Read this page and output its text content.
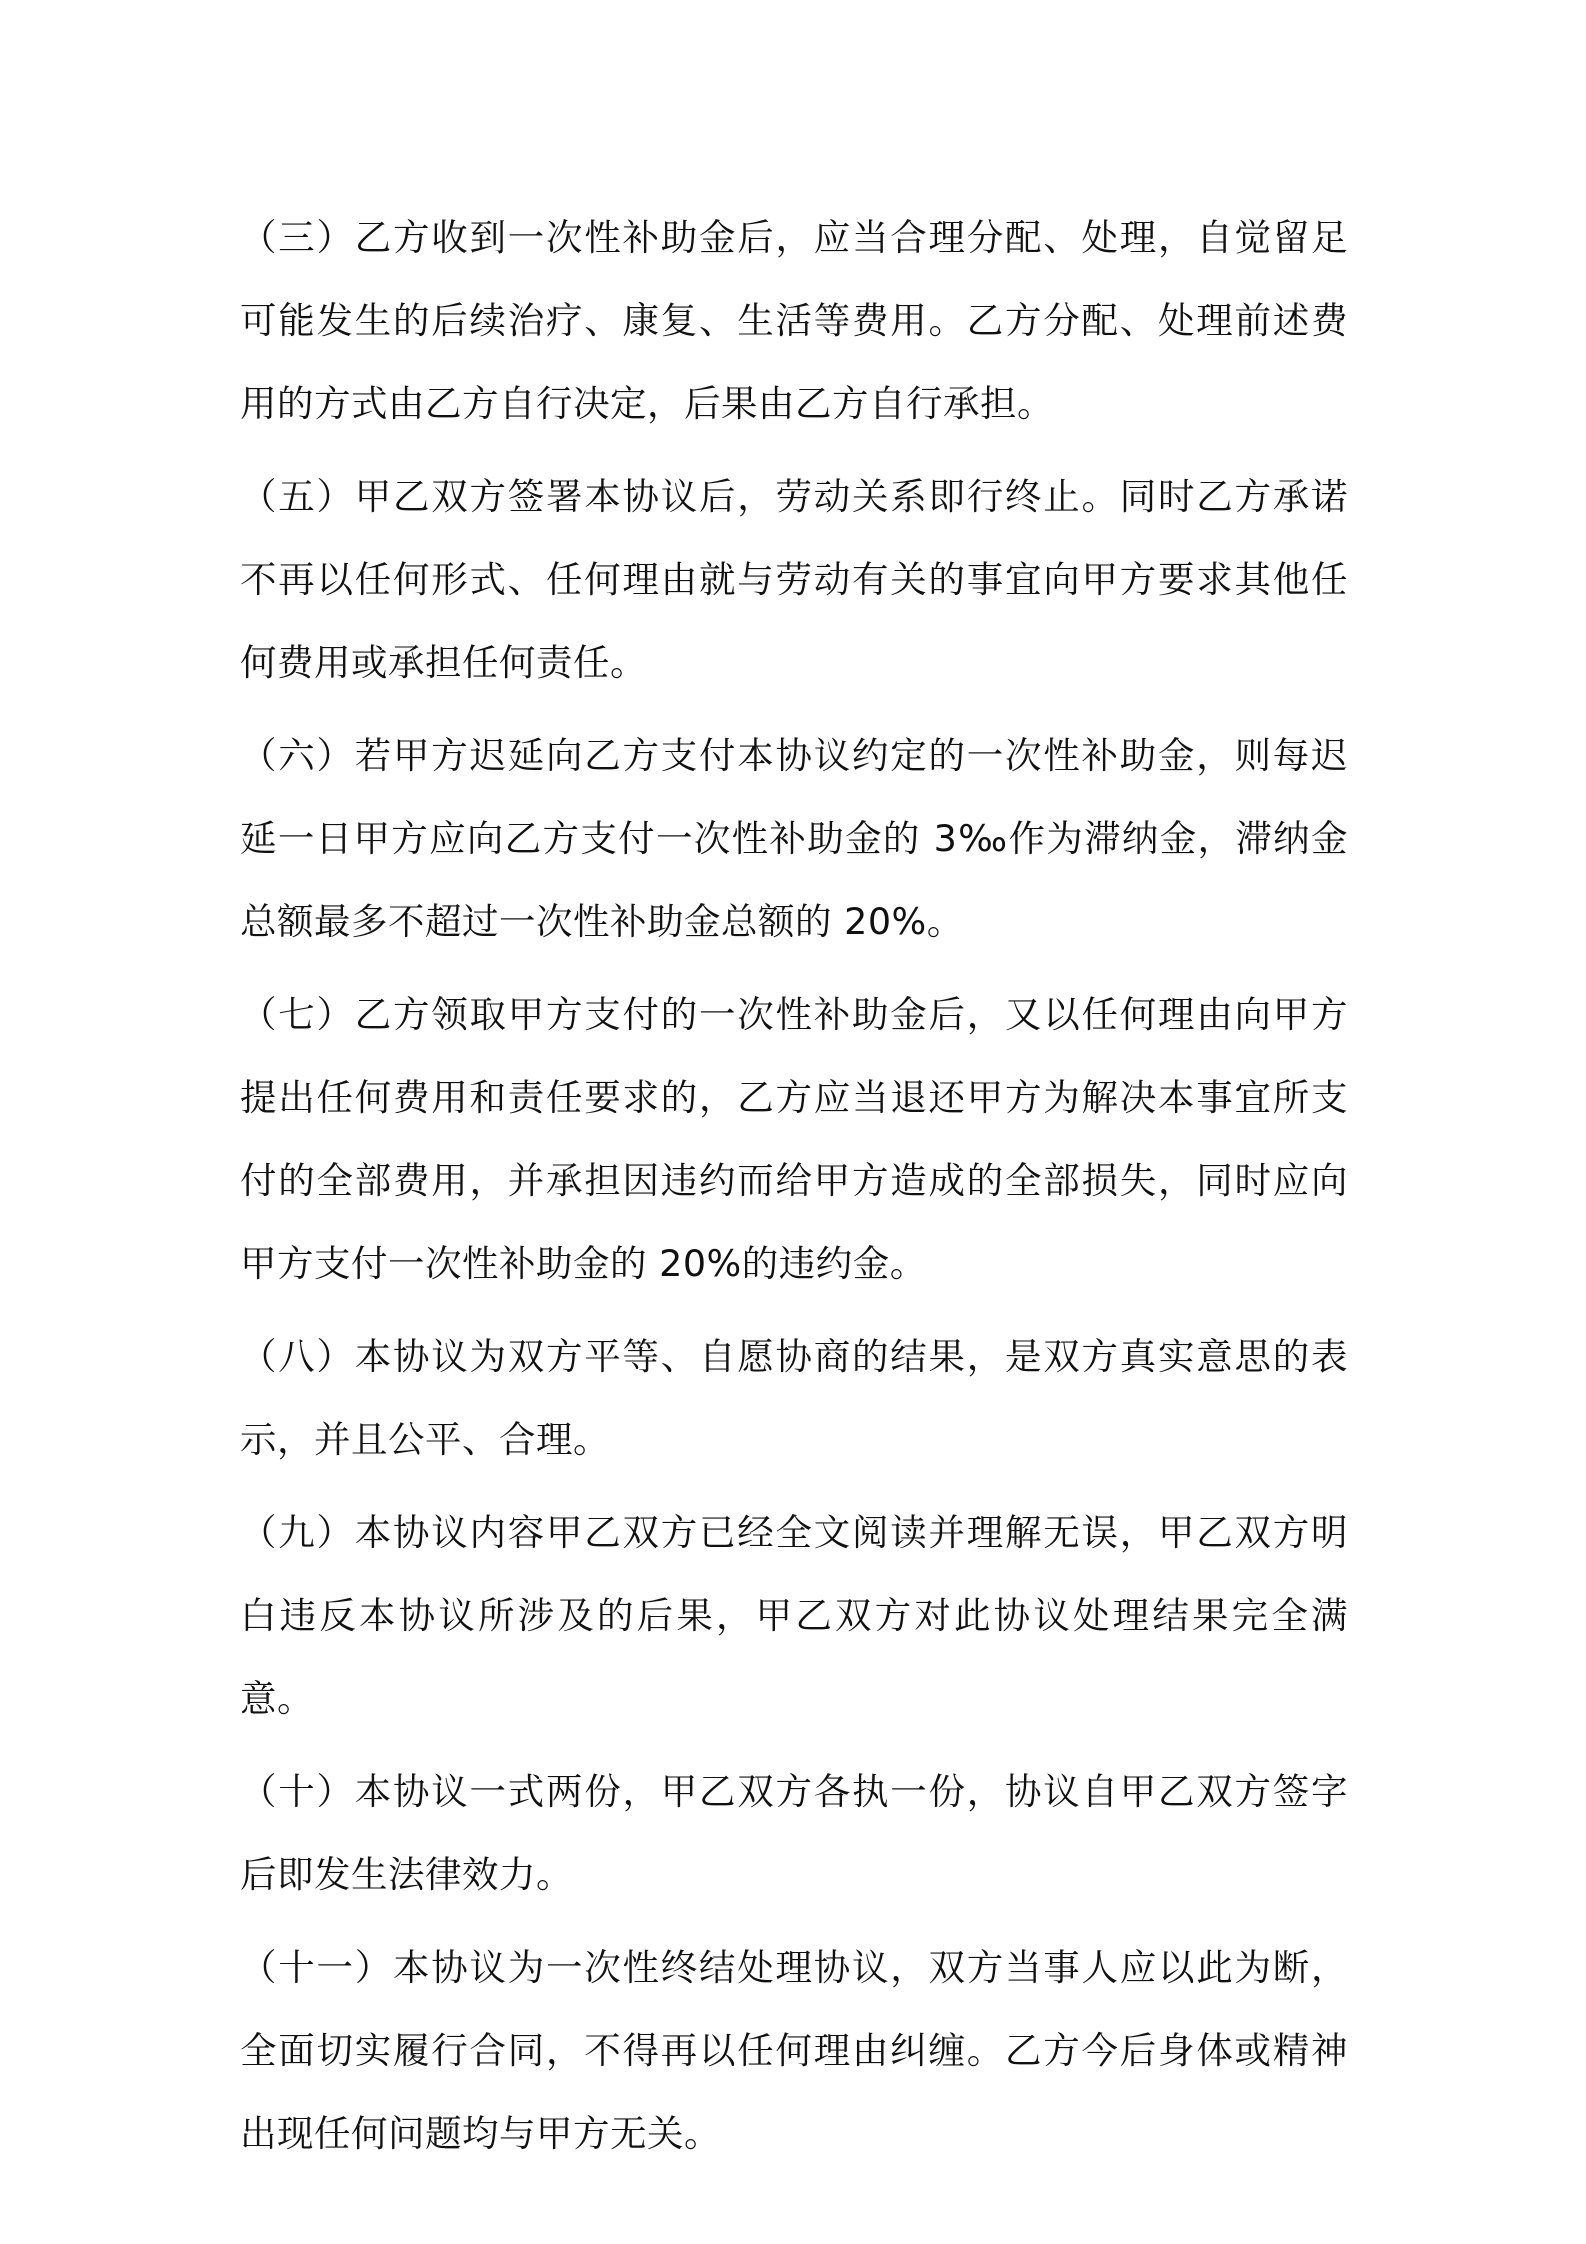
（三）乙方收到一次性补助金后，应当合理分配、处理，自觉留足可能发生的后续治疗、康复、生活等费用。乙方分配、处理前述费用的方式由乙方自行决定，后果由乙方自行承担。

（五）甲乙双方签署本协议后，劳动关系即行终止。同时乙方承诺不再以任何形式、任何理由就与劳动有关的事宜向甲方要求其他任何费用或承担任何责任。

（六）若甲方迟延向乙方支付本协议约定的一次性补助金，则每迟延一日甲方应向乙方支付一次性补助金的 3‰作为滞纳金，滞纳金总额最多不超过一次性补助金总额的 20%。

（七）乙方领取甲方支付的一次性补助金后，又以任何理由向甲方提出任何费用和责任要求的，乙方应当退还甲方为解决本事宜所支付的全部费用，并承担因违约而给甲方造成的全部损失，同时应向甲方支付一次性补助金的 20%的违约金。

（八）本协议为双方平等、自愿协商的结果，是双方真实意思的表示，并且公平、合理。

（九）本协议内容甲乙双方已经全文阅读并理解无误，甲乙双方明白违反本协议所涉及的后果，甲乙双方对此协议处理结果完全满意。

（十）本协议一式两份，甲乙双方各执一份，协议自甲乙双方签字后即发生法律效力。

（十一）本协议为一次性终结处理协议，双方当事人应以此为断，全面切实履行合同，不得再以任何理由纠缠。乙方今后身体或精神出现任何问题均与甲方无关。
